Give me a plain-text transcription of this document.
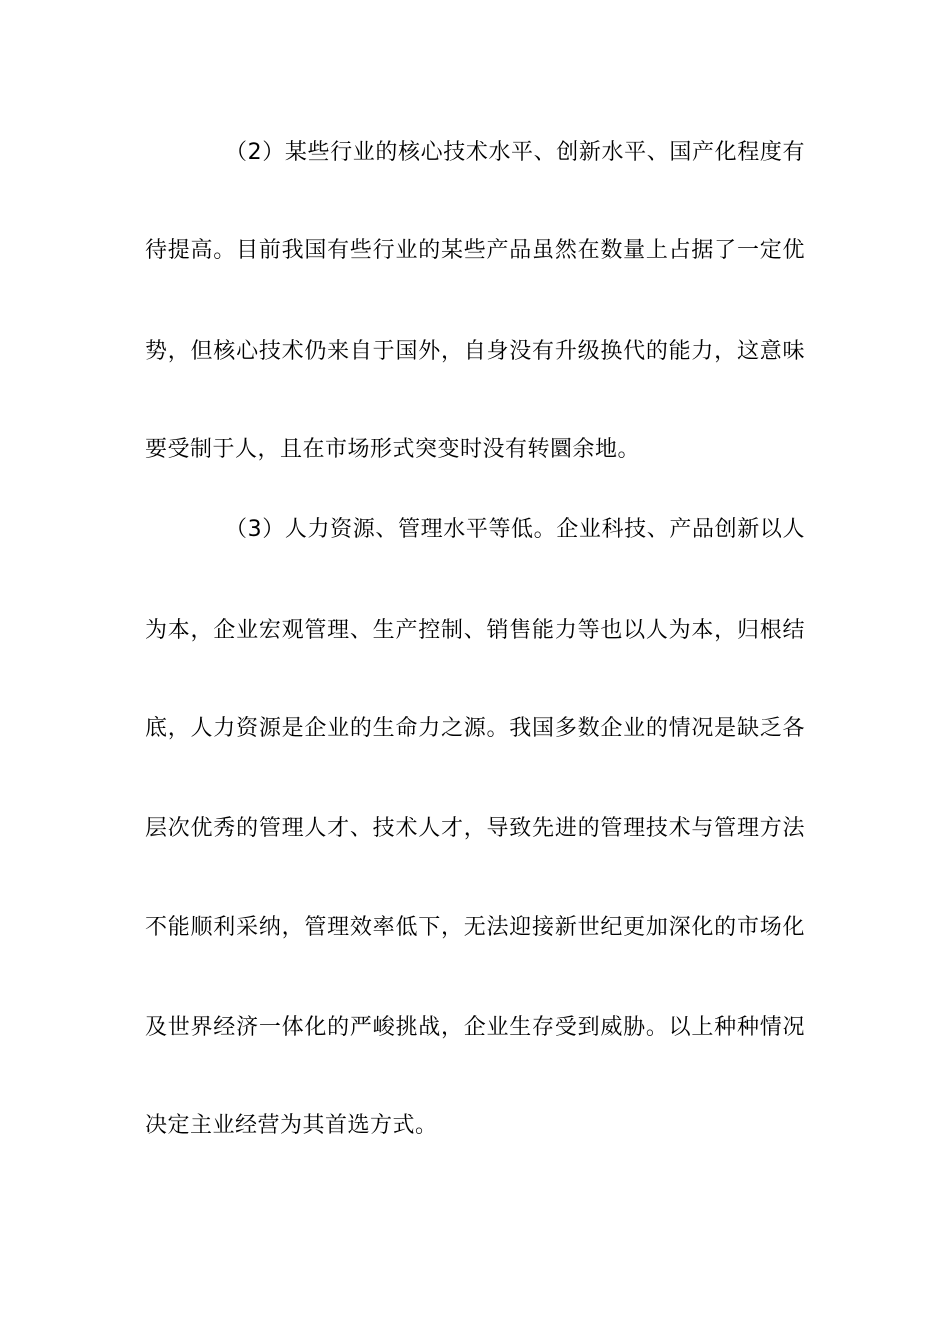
（2）某些行业的核心技术水平、创新水平、国产化程度有
待提高。目前我国有些行业的某些产品虽然在数量上占据了一定优
势，但核心技术仍来自于国外，自身没有升级换代的能力，这意味
要受制于人，且在市场形式突变时没有转圜余地。
（3）人力资源、管理水平等低。企业科技、产品创新以人
为本，企业宏观管理、生产控制、销售能力等也以人为本，归根结
底，人力资源是企业的生命力之源。我国多数企业的情况是缺乏各
层次优秀的管理人才、技术人才，导致先进的管理技术与管理方法
不能顺利采纳，管理效率低下，无法迎接新世纪更加深化的市场化
及世界经济一体化的严峻挑战，企业生存受到威胁。以上种种情况
决定主业经营为其首选方式。
